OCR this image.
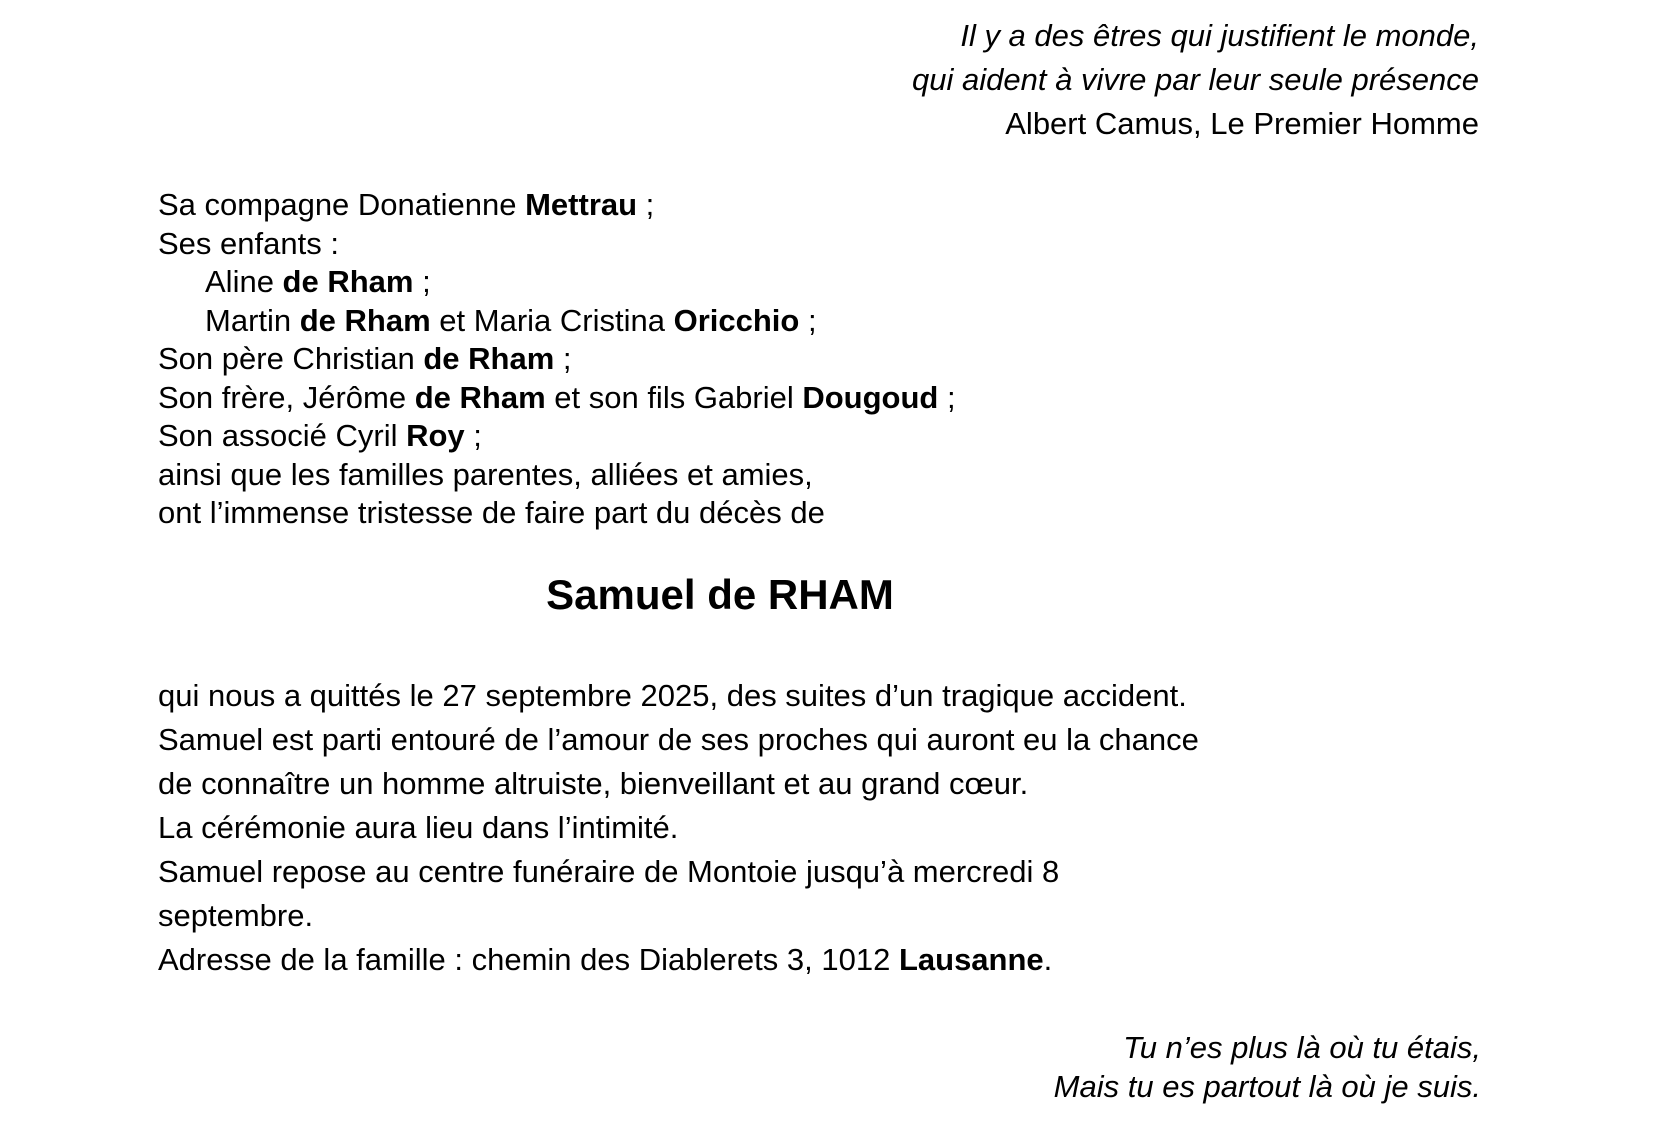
Il y a des êtres qui justifient le monde,
qui aident à vivre par leur seule présence
Albert Camus, Le Premier Homme
Sa compagne Donatienne Mettrau ;
Ses enfants :
Aline de Rham ;
Martin de Rham et Maria Cristina Oricchio ;
Son père Christian de Rham ;
Son frère, Jérôme de Rham et son fils Gabriel Dougoud ;
Son associé Cyril Roy ;
ainsi que les familles parentes, alliées et amies,
ont l’immense tristesse de faire part du décès de
Samuel de RHAM
qui nous a quittés le 27 septembre 2025, des suites d’un tragique accident.
Samuel est parti entouré de l’amour de ses proches qui auront eu la chance
de connaître un homme altruiste, bienveillant et au grand cœur.
La cérémonie aura lieu dans l’intimité.
Samuel repose au centre funéraire de Montoie jusqu’à mercredi 8
septembre.
Adresse de la famille : chemin des Diablerets 3, 1012 Lausanne.
Tu n’es plus là où tu étais,
Mais tu es partout là où je suis.
